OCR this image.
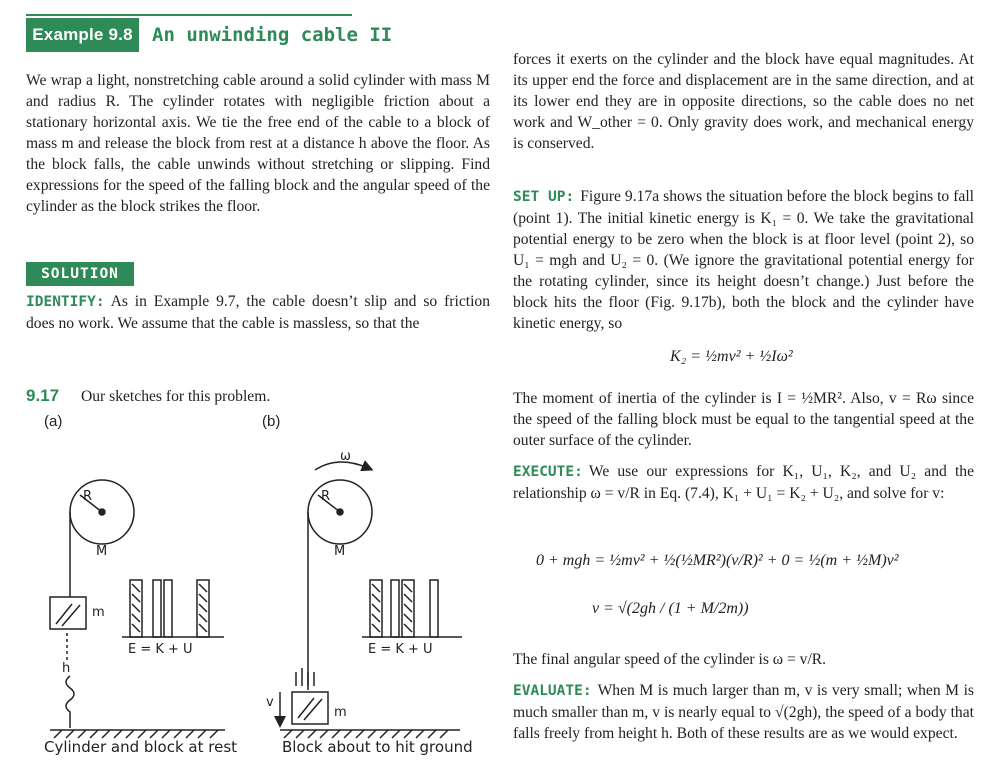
Example 9.8	An unwinding cable II

We wrap a light, nonstretching cable around a solid cylinder with mass M and radius R. The cylinder rotates with negligible friction about a stationary horizontal axis. We tie the free end of the cable to a block of mass m and release the block from rest at a distance h above the floor. As the block falls, the cable unwinds without stretching or slipping. Find expressions for the speed of the falling block and the angular speed of the cylinder as the block strikes the floor.

SOLUTION
IDENTIFY: As in Example 9.7, the cable doesn’t slip and so friction does no work. We assume that the cable is massless, so that the
forces it exerts on the cylinder and the block have equal magnitudes. At its upper end the force and displacement are in the same direction, and at its lower end they are in opposite directions, so the cable does no net work and W_other = 0. Only gravity does work, and mechanical energy is conserved.
SET UP: Figure 9.17a shows the situation before the block begins to fall (point 1). The initial kinetic energy is K₁ = 0. We take the gravitational potential energy to be zero when the block is at floor level (point 2), so U₁ = mgh and U₂ = 0. (We ignore the gravitational potential energy for the rotating cylinder, since its height doesn’t change.) Just before the block hits the floor (Fig. 9.17b), both the block and the cylinder have kinetic energy, so
K₂ = ½mv² + ½Iω²

The moment of inertia of the cylinder is I = ½MR². Also, v = Rω since the speed of the falling block must be equal to the tangential speed at the outer surface of the cylinder.

EXECUTE: We use our expressions for K₁, U₁, K₂, and U₂ and the relationship ω = v/R in Eq. (7.4), K₁ + U₁ = K₂ + U₂, and solve for v:
0 + mgh = ½mv² + ½(½MR²)(v/R)² + 0 = ½(m + ½M)v²
v = √(2gh / (1 + M/2m))

The final angular speed of the cylinder is ω = v/R.

EVALUATE: When M is much larger than m, v is very small; when M is much smaller than m, v is nearly equal to √(2gh), the speed of a body that falls freely from height h. Both of these results are as we would expect.
9.17 Our sketches for this problem.
(a)	(b)
R
M
m
h
E = K + U
ω
R
M
m
v
E = K + U
Cylinder and block at rest	Block about to hit ground
